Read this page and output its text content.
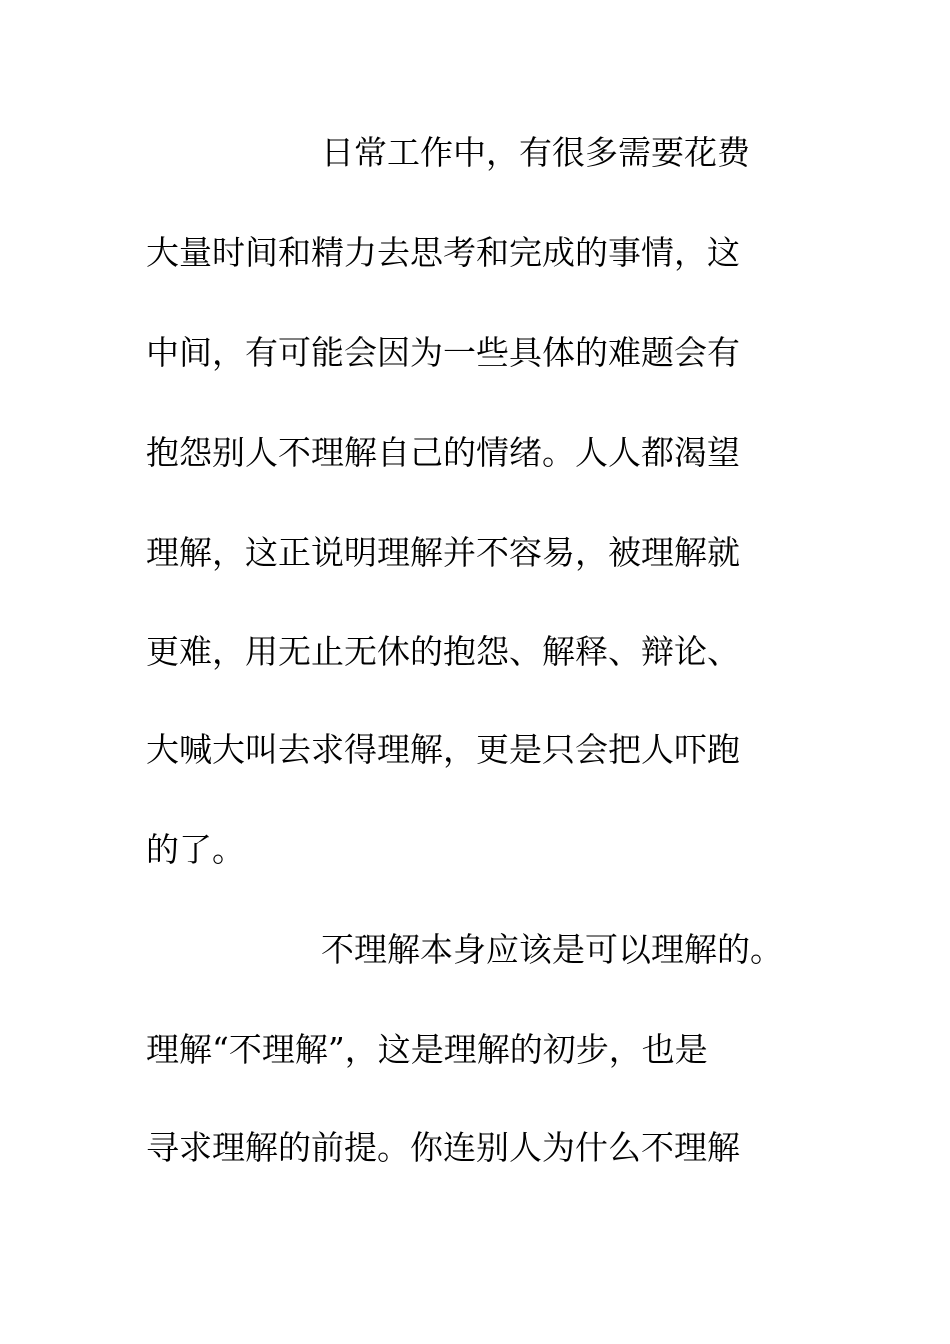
日常工作中，有很多需要花费
大量时间和精力去思考和完成的事情，这
中间，有可能会因为一些具体的难题会有
抱怨别人不理解自己的情绪。人人都渴望
理解，这正说明理解并不容易，被理解就
更难，用无止无休的抱怨、解释、辩论、
大喊大叫去求得理解，更是只会把人吓跑
的了。
不理解本身应该是可以理解的。
理解“不理解”，这是理解的初步，也是
寻求理解的前提。你连别人为什么不理解
